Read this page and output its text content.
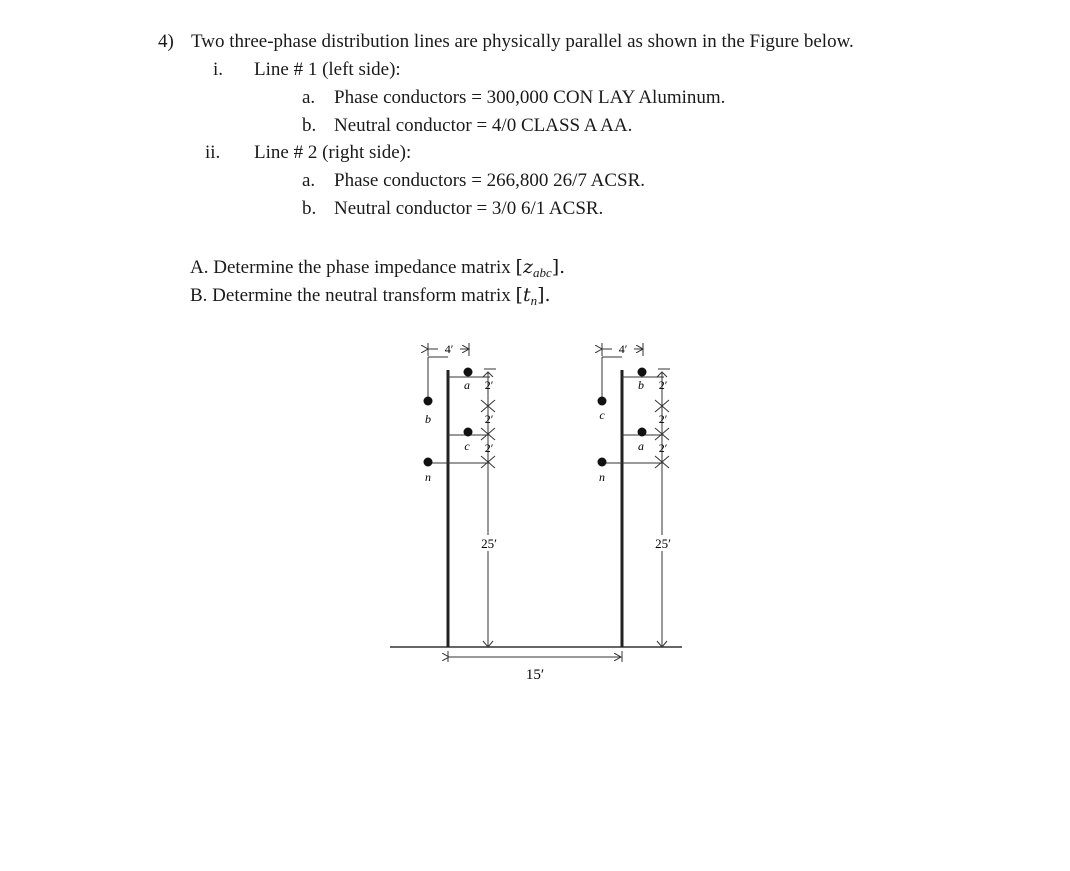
4) Two three-phase distribution lines are physically parallel as shown in the Figure below.
i. Line # 1 (left side):
a. Phase conductors = 300,000 CON LAY Aluminum.
b. Neutral conductor = 4/0 CLASS A AA.
ii. Line # 2 (right side):
a. Phase conductors = 266,800 26/7 ACSR.
b. Neutral conductor = 3/0 6/1 ACSR.
A. Determine the phase impedance matrix $[z_{abc}]$.
B. Determine the neutral transform matrix $[t_n]$.
4′
a
b
c
n
2′
2′
2′
25′
4′
b
c
a
n
2′
2′
2′
25′
15′
